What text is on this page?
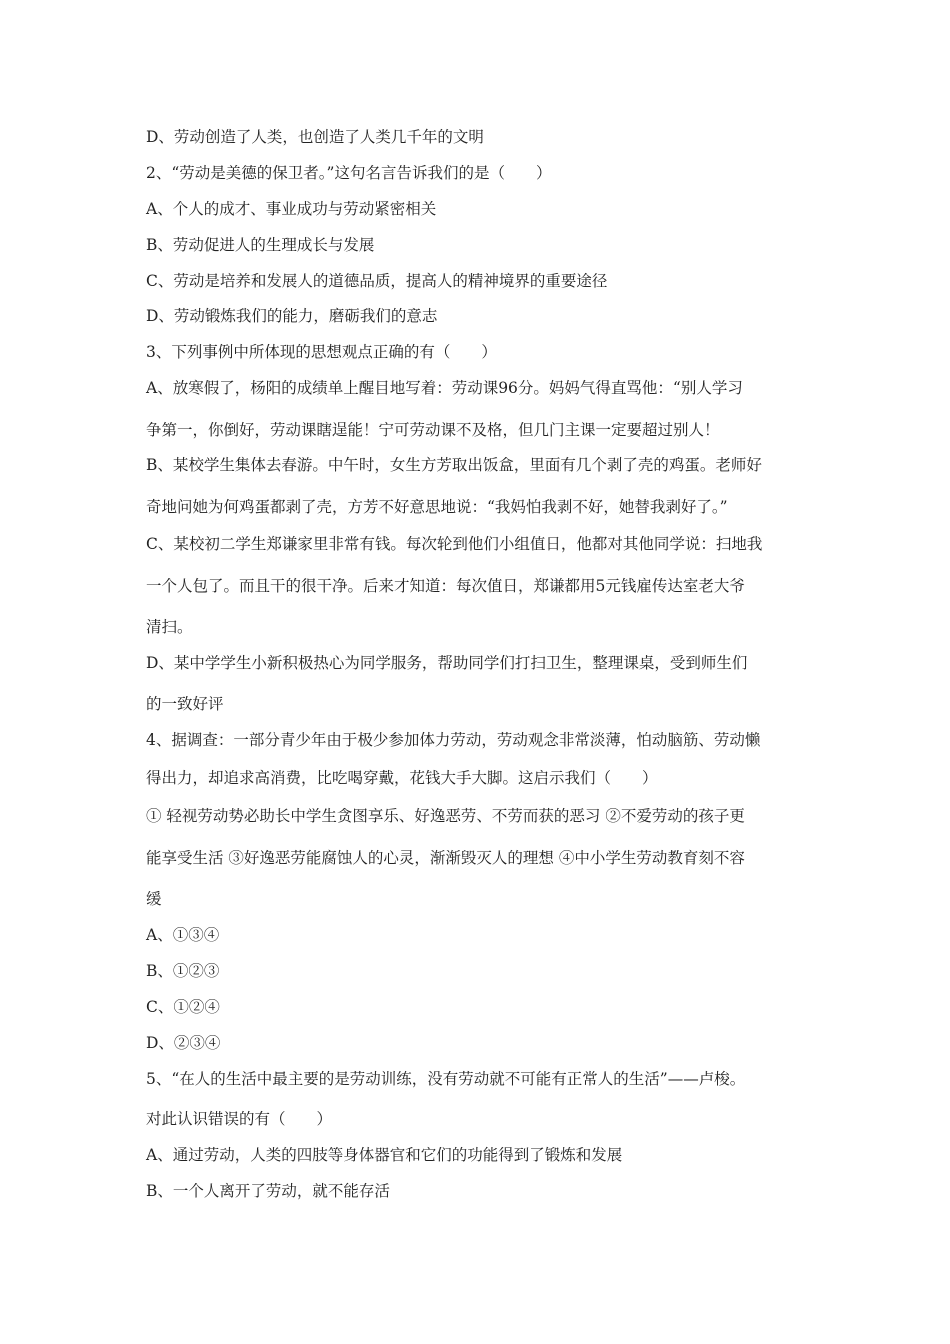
D、劳动创造了人类，也创造了人类几千年的文明
2、“劳动是美德的保卫者。”这句名言告诉我们的是（　　）
A、个人的成才、事业成功与劳动紧密相关
B、劳动促进人的生理成长与发展
C、劳动是培养和发展人的道德品质，提高人的精神境界的重要途径
D、劳动锻炼我们的能力，磨砺我们的意志
3、下列事例中所体现的思想观点正确的有（　　）
A、放寒假了，杨阳的成绩单上醒目地写着：劳动课96分。妈妈气得直骂他：“别人学习
争第一，你倒好，劳动课瞎逞能！宁可劳动课不及格，但几门主课一定要超过别人！
B、某校学生集体去春游。中午时，女生方芳取出饭盒，里面有几个剥了壳的鸡蛋。老师好
奇地问她为何鸡蛋都剥了壳，方芳不好意思地说：“我妈怕我剥不好，她替我剥好了。”
C、某校初二学生郑谦家里非常有钱。每次轮到他们小组值日，他都对其他同学说：扫地我
一个人包了。而且干的很干净。后来才知道：每次值日，郑谦都用5元钱雇传达室老大爷
清扫。
D、某中学学生小新积极热心为同学服务，帮助同学们打扫卫生，整理课桌，受到师生们
的一致好评
4、据调查：一部分青少年由于极少参加体力劳动，劳动观念非常淡薄，怕动脑筋、劳动懒
得出力，却追求高消费，比吃喝穿戴，花钱大手大脚。这启示我们（　　）
① 轻视劳动势必助长中学生贪图享乐、好逸恶劳、不劳而获的恶习 ②不爱劳动的孩子更
能享受生活 ③好逸恶劳能腐蚀人的心灵，渐渐毁灭人的理想 ④中小学生劳动教育刻不容
缓
A、①③④
B、①②③
C、①②④
D、②③④
5、“在人的生活中最主要的是劳动训练，没有劳动就不可能有正常人的生活”——卢梭。
对此认识错误的有（　　）
A、通过劳动，人类的四肢等身体器官和它们的功能得到了锻炼和发展
B、一个人离开了劳动，就不能存活
